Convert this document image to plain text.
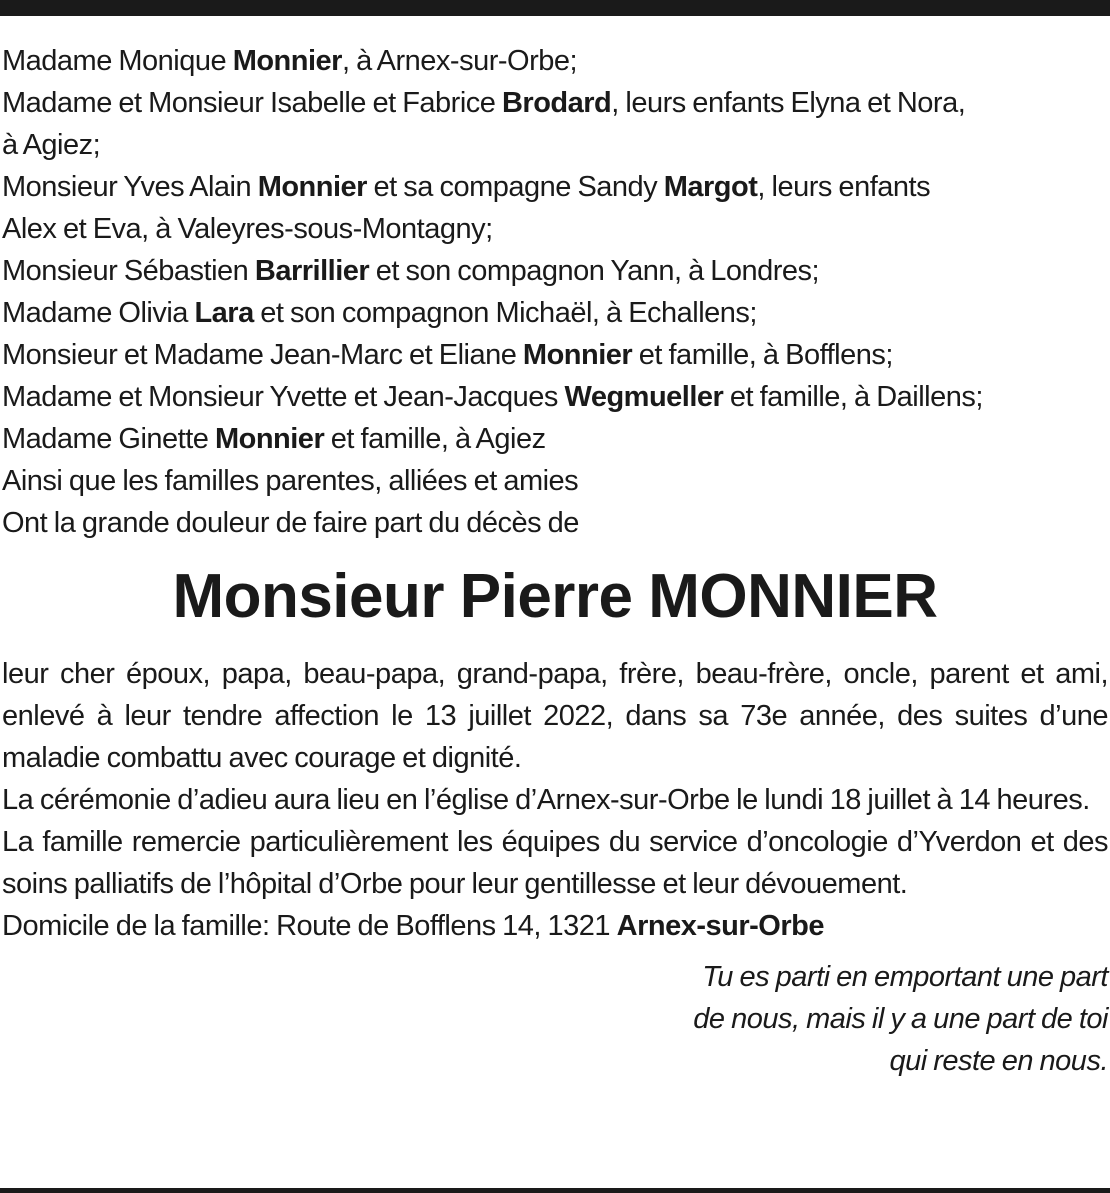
Madame Monique Monnier, à Arnex-sur-Orbe;
Madame et Monsieur Isabelle et Fabrice Brodard, leurs enfants Elyna et Nora,
à Agiez;
Monsieur Yves Alain Monnier et sa compagne Sandy Margot, leurs enfants
Alex et Eva, à Valeyres-sous-Montagny;
Monsieur Sébastien Barrillier et son compagnon Yann, à Londres;
Madame Olivia Lara et son compagnon Michaël, à Echallens;
Monsieur et Madame Jean-Marc et Eliane Monnier et famille, à Bofflens;
Madame et Monsieur Yvette et Jean-Jacques Wegmueller et famille, à Daillens;
Madame Ginette Monnier et famille, à Agiez
Ainsi que les familles parentes, alliées et amies
Ont la grande douleur de faire part du décès de
Monsieur Pierre MONNIER

leur cher époux, papa, beau-papa, grand-papa, frère, beau-frère, oncle, parent et ami, enlevé à leur tendre affection le 13 juillet 2022, dans sa 73e année, des suites d’une maladie combattu avec courage et dignité.

La cérémonie d’adieu aura lieu en l’église d’Arnex-sur-Orbe le lundi 18 juillet à 14 heures.

La famille remercie particulièrement les équipes du service d’oncologie d’Yverdon et des soins palliatifs de l’hôpital d’Orbe pour leur gentillesse et leur dévouement.

Domicile de la famille: Route de Bofflens 14, 1321 Arnex-sur-Orbe
Tu es parti en emportant une part
de nous, mais il y a une part de toi
qui reste en nous.
